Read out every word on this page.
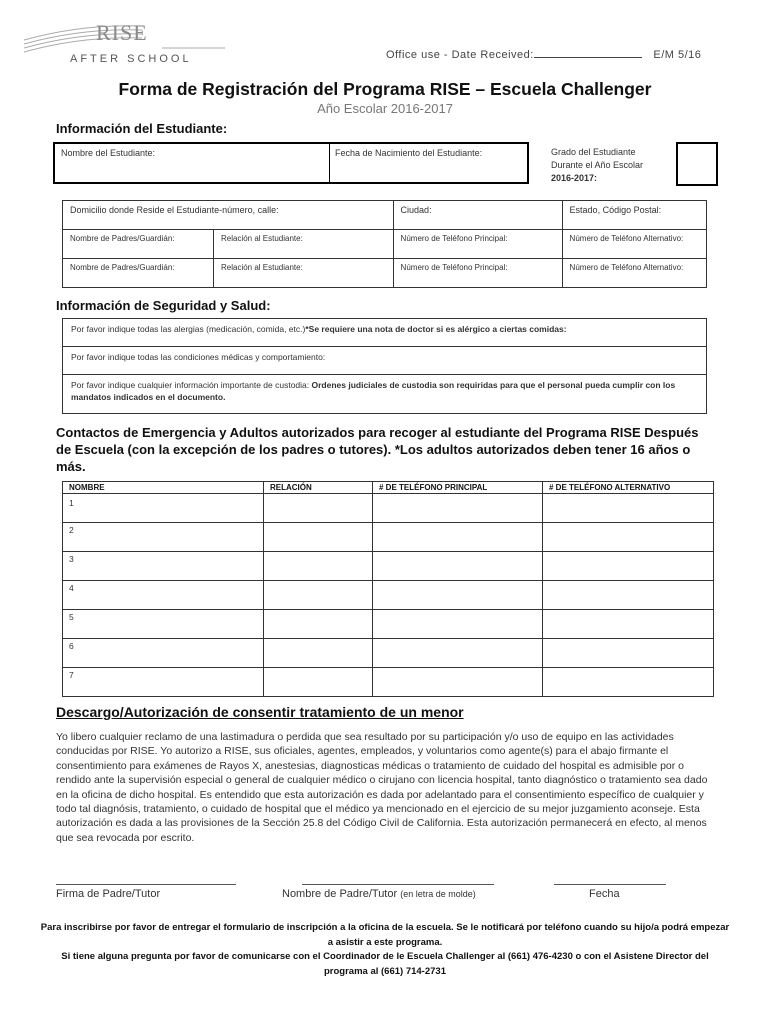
RISE
AFTER SCHOOL	Office use - Date Received:	E/M 5/16
Forma de Registración del Programa RISE – Escuela Challenger
Año Escolar 2016-2017
Información del Estudiante:
Nombre del Estudiante:	Fecha de Nacimiento del Estudiante:	Grado del Estudiante
Durante el Año Escolar
2016-2017:
Domicilio donde Reside el Estudiante-número, calle:		Ciudad:	Estado, Código Postal:
Nombre de Padres/Guardián:	Relación al Estudiante:	Número de Teléfono Principal:	Número de Teléfono Alternativo:
Nombre de Padres/Guardián:	Relación al Estudiante:	Número de Teléfono Principal:	Número de Teléfono Alternativo:
Información de Seguridad y Salud:
Por favor indique todas las alergias (medicación, comida, etc.)*Se requiere una nota de doctor si es alérgico a ciertas comidas:
Por favor indique todas las condiciones médicas y comportamiento:
Por favor indique cualquier información importante de custodia: Ordenes judiciales de custodia son requiridas para que el personal pueda cumplir con los mandatos indicados en el documento.
Contactos de Emergencia y Adultos autorizados para recoger al estudiante del Programa RISE Después de Escuela (con la excepción de los padres o tutores). *Los adultos autorizados deben tener 16 años o más.
NOMBRE	RELACIÓN	# DE TELÉFONO PRINCIPAL	# DE TELÉFONO ALTERNATIVO
1			
2			
3			
4			
5			
6			
7			
Descargo/Autorización de consentir tratamiento de un menor
Yo libero cualquier reclamo de una lastimadura o perdida que sea resultado por su participación y/o uso de equipo en las actividades conducidas por RISE. Yo autorizo a RISE, sus oficiales, agentes, empleados, y voluntarios como agente(s) para el abajo firmante el consentimiento para exámenes de Rayos X, anestesias, diagnosticas médicas o tratamiento de cuidado del hospital es admisible por o rendido ante la supervisión especial o general de cualquier médico o cirujano con licencia hospital, tanto diagnóstico o tratamiento sea dado en la oficina de dicho hospital. Es entendido que esta autorización es dada por adelantado para el consentimiento específico de cualquier y todo tal diagnósis, tratamiento, o cuidado de hospital que el médico ya mencionado en el ejercicio de su mejor juzgamiento aconseje. Esta autorización es dada a las provisiones de la Sección 25.8 del Código Civil de California. Esta autorización permanecerá en efecto, al menos que sea revocada por escrito.
Firma de Padre/Tutor	Nombre de Padre/Tutor (en letra de molde)	Fecha
Para inscribirse por favor de entregar el formulario de inscripción a la oficina de la escuela. Se le notificará por teléfono cuando su hijo/a podrá empezar a asistir a este programa.
Si tiene alguna pregunta por favor de comunicarse con el Coordinador de le Escuela Challenger al (661) 476-4230 o con el Asistene Director del programa al (661) 714-2731
